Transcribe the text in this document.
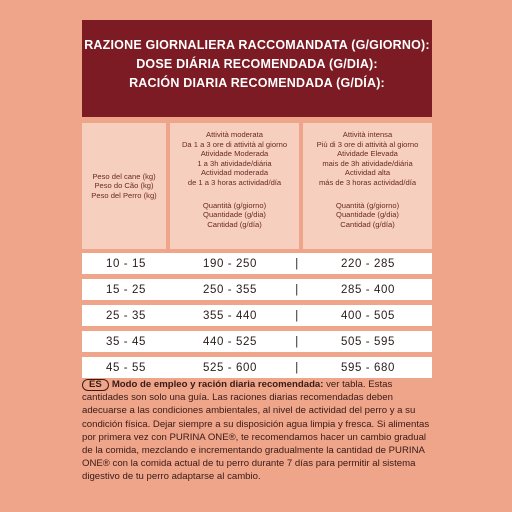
RAZIONE GIORNALIERA RACCOMANDATA (G/GIORNO):
DOSE DIÁRIA RECOMENDADA (G/DIA):
RACIÓN DIARIA RECOMENDADA (G/DÍA):
Peso del cane (kg)
Peso do Cão (kg)
Peso del Perro (kg)
Attività moderata
Da 1 a 3 ore di attività al giorno
Atividade Moderada
1 a 3h atividade/diária
Actividad moderada
de 1 a 3 horas actividad/día
Quantità (g/giorno)
Quantidade (g/dia)
Cantidad (g/día)
Attività intensa
Più di 3 ore di attività al giorno
Atividade Elevada
mais de 3h atividade/diária
Actividad alta
más de 3 horas actividad/día
Quantità (g/giorno)
Quantidade (g/dia)
Cantidad (g/día)
10 - 15	190 - 250	|	220 - 285
15 - 25	250 - 355	|	285 - 400
25 - 35	355 - 440	|	400 - 505
35 - 45	440 - 525	|	505 - 595
45 - 55	525 - 600	|	595 - 680
ES Modo de empleo y ración diaria recomendada: ver tabla. Estas cantidades son solo una guía. Las raciones diarias recomendadas deben adecuarse a las condiciones ambientales, al nivel de actividad del perro y a su condición física. Dejar siempre a su disposición agua limpia y fresca. Si alimentas por primera vez con PURINA ONE®, te recomendamos hacer un cambio gradual de la comida, mezclando e incrementando gradualmente la cantidad de PURINA ONE® con la comida actual de tu perro durante 7 días para permitir al sistema digestivo de tu perro adaptarse al cambio.
